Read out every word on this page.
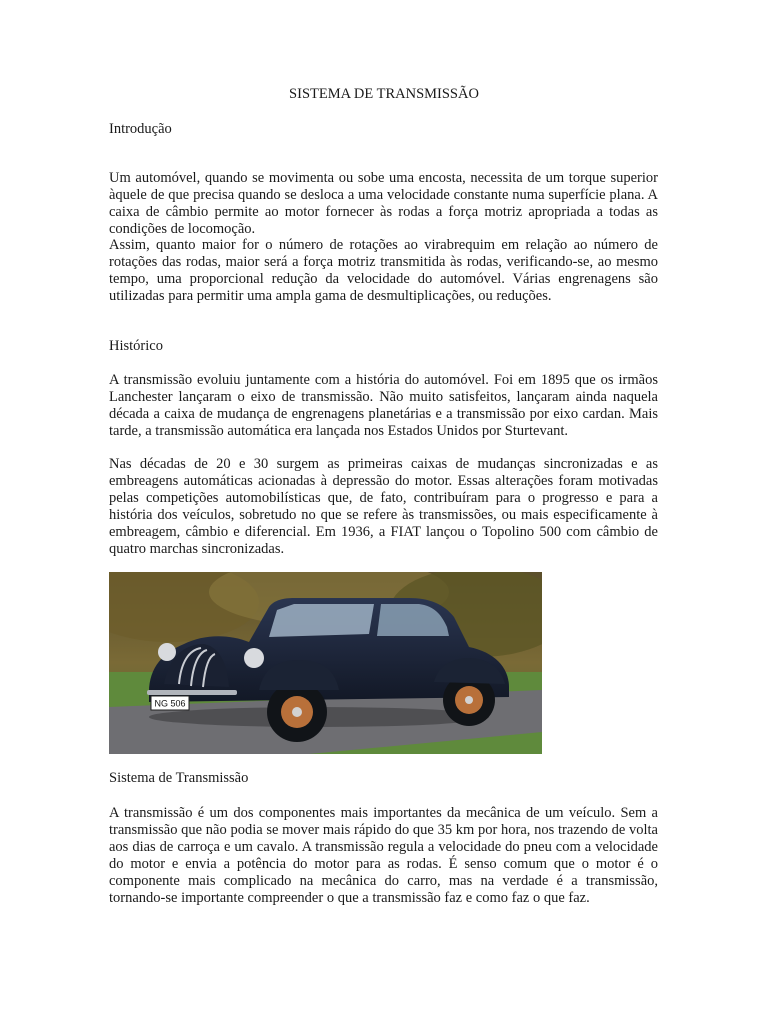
SISTEMA DE TRANSMISSÃO
Introdução

Um automóvel, quando se movimenta ou sobe uma encosta, necessita de um torque superior àquele de que precisa quando se desloca a uma velocidade constante numa superfície plana. A caixa de câmbio permite ao motor fornecer às rodas a força motriz apropriada a todas as condições de locomoção.

Assim, quanto maior for o número de rotações ao virabrequim em relação ao número de rotações das rodas, maior será a força motriz transmitida às rodas, verificando-se, ao mesmo tempo, uma proporcional redução da velocidade do automóvel. Várias engrenagens são utilizadas para permitir uma ampla gama de desmultiplicações, ou reduções.

Histórico

A transmissão evoluiu juntamente com a história do automóvel. Foi em 1895 que os irmãos Lanchester lançaram o eixo de transmissão. Não muito satisfeitos, lançaram ainda naquela década a caixa de mudança de engrenagens planetárias e a transmissão por eixo cardan. Mais tarde, a transmissão automática era lançada nos Estados Unidos por Sturtevant.

Nas décadas de 20 e 30 surgem as primeiras caixas de mudanças sincronizadas e as embreagens automáticas acionadas à depressão do motor. Essas alterações foram motivadas pelas competições automobilísticas que, de fato, contribuíram para o progresso e para a história dos veículos, sobretudo no que se refere às transmissões, ou mais especificamente à embreagem, câmbio e diferencial. Em 1936, a FIAT lançou o Topolino 500 com câmbio de quatro marchas sincronizadas.

NG 506
Sistema de Transmissão

A transmissão é um dos componentes mais importantes da mecânica de um veículo. Sem a transmissão que não podia se mover mais rápido do que 35 km por hora, nos trazendo de volta aos dias de carroça e um cavalo. A transmissão regula a velocidade do pneu com a velocidade do motor e envia a potência do motor para as rodas. É senso comum que o motor é o componente mais complicado na mecânica do carro, mas na verdade é a transmissão, tornando-se importante compreender o que a transmissão faz e como faz o que faz.
